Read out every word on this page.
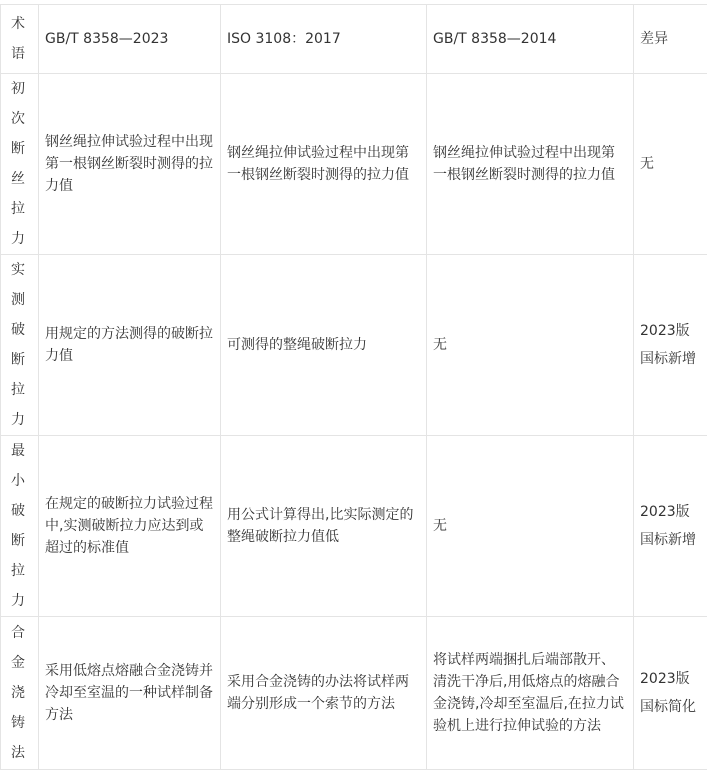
术语	GB/T 8358—2023	ISO 3108：2017	GB/T 8358—2014	差异

初次断丝拉力	钢丝绳拉伸试验过程中出现第一根钢丝断裂时测得的拉力值	钢丝绳拉伸试验过程中出现第一根钢丝断裂时测得的拉力值	钢丝绳拉伸试验过程中出现第一根钢丝断裂时测得的拉力值	无

实测破断拉力	用规定的方法测得的破断拉力值	可测得的整绳破断拉力	无	2023版国标新增

最小破断拉力	在规定的破断拉力试验过程中,实测破断拉力应达到或超过的标准值	用公式计算得出,比实际测定的整绳破断拉力值低	无	2023版国标新增

合金浇铸法	采用低熔点熔融合金浇铸并冷却至室温的一种试样制备方法	采用合金浇铸的办法将试样两端分别形成一个索节的方法	将试样两端捆扎后端部散开、清洗干净后,用低熔点的熔融合金浇铸,冷却至室温后,在拉力试验机上进行拉伸试验的方法	2023版国标简化
